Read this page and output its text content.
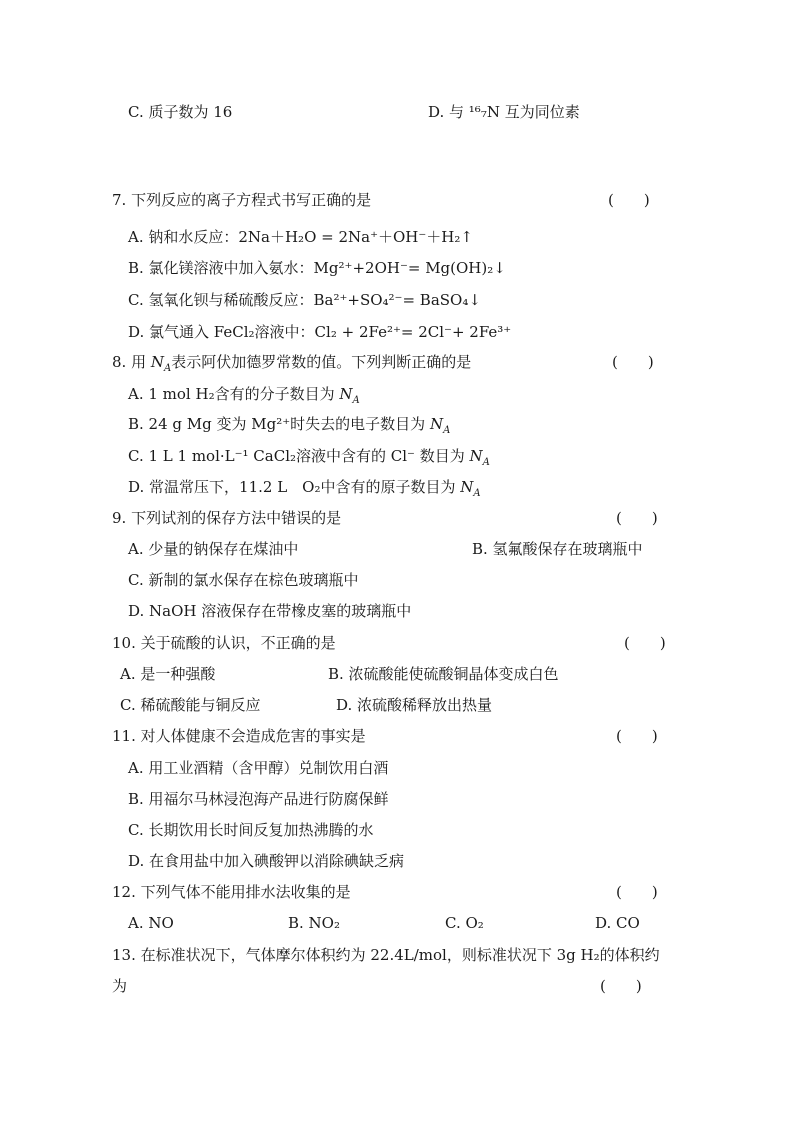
C. 质子数为 16	D. 与 ¹⁶₇N 互为同位素
7. 下列反应的离子方程式书写正确的是	(　　)
A. 钠和水反应：2Na＋H₂O = 2Na⁺＋OH⁻＋H₂↑
B. 氯化镁溶液中加入氨水：Mg²⁺+2OH⁻= Mg(OH)₂↓
C. 氢氧化钡与稀硫酸反应：Ba²⁺+SO₄²⁻= BaSO₄↓
D. 氯气通入 FeCl₂溶液中：Cl₂ + 2Fe²⁺= 2Cl⁻+ 2Fe³⁺
8. 用 $N_A$表示阿伏加德罗常数的值。下列判断正确的是	(　　)
A. 1 mol H₂含有的分子数目为 $N_A$
B. 24 g Mg 变为 Mg²⁺时失去的电子数目为 $N_A$
C. 1 L 1 mol·L⁻¹ CaCl₂溶液中含有的 Cl⁻ 数目为 $N_A$
D. 常温常压下，11.2 L　O₂中含有的原子数目为 $N_A$
9. 下列试剂的保存方法中错误的是	(　　)
A. 少量的钠保存在煤油中	B. 氢氟酸保存在玻璃瓶中
C. 新制的氯水保存在棕色玻璃瓶中
D. NaOH 溶液保存在带橡皮塞的玻璃瓶中
10. 关于硫酸的认识，不正确的是	(　　)
A. 是一种强酸	B. 浓硫酸能使硫酸铜晶体变成白色
C. 稀硫酸能与铜反应	D. 浓硫酸稀释放出热量
11. 对人体健康不会造成危害的事实是	(　　)
A. 用工业酒精（含甲醇）兑制饮用白酒
B. 用福尔马林浸泡海产品进行防腐保鲜
C. 长期饮用长时间反复加热沸腾的水
D. 在食用盐中加入碘酸钾以消除碘缺乏病
12. 下列气体不能用排水法收集的是	(　　)
A. NO	B. NO₂	C. O₂	D. CO
13. 在标准状况下，气体摩尔体积约为 22.4L/mol，则标准状况下 3g H₂的体积约
为	(　　)
